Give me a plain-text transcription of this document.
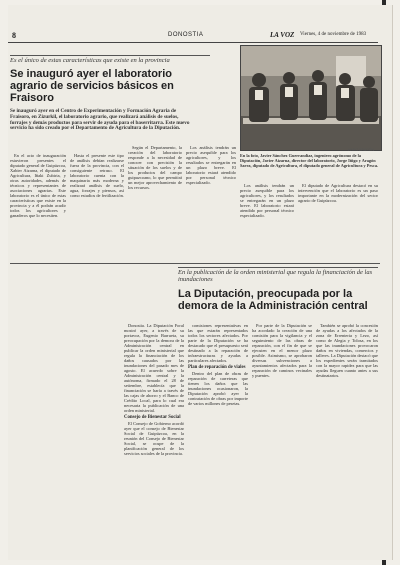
8	DONOSTIA	LA VOZ Viernes, 4 de noviembre de 1983
Es el único de estas características que existe en la provincia
Se inauguró ayer el laboratorio agrario de servicios básicos en Fraisoro

Se inauguró ayer en el Centro de Experimentación y Formación Agraria de Fraisoro, en Zizurkil, el laboratorio agrario, que realizará análisis de suelos, forrajes y demás productos para servir de ayuda para el baserritarra. Este nuevo servicio ha sido creado por el Departamento de Agricultura de la Diputación.

En el acto de inauguración estuvieron presentes el diputado general de Guipúzcoa, Xabier Aizarna, el diputado de Agricultura, Iñaki Zubiria, y otras autoridades, además de técnicos y representantes de asociaciones agrarias. Este laboratorio es el único de estas características que existe en la provincia y a él podrán acudir todos los agricultores y ganaderos que lo necesiten.

Hasta el presente este tipo de análisis debían realizarse fuera de la provincia, con el consiguiente retraso. El laboratorio cuenta con la maquinaria más moderna y realizará análisis de suelo, agua, forrajes y piensos, así como estudios de fertilización.

Según el Departamento, la creación del laboratorio responde a la necesidad de conocer con precisión la situación de los suelos y de los productos del campo guipuzcoano, lo que permitirá un mejor aprovechamiento de los recursos.

Los análisis tendrán un precio asequible para los agricultores, y los resultados se entregarán en un plazo breve. El laboratorio estará atendido por personal técnico especializado.

El diputado de Agricultura destacó en su intervención que el laboratorio es un paso importante en la modernización del sector agrario de Guipúzcoa.

Los análisis tendrán un precio asequible para los agricultores, y los resultados se entregarán en un plazo breve. El laboratorio estará atendido por personal técnico especializado.

HARO ARAGÓN

En la foto, Javier Sánchez Guerrandiaz, ingeniero agrónomo de la Diputación, Javier Aizarna, director del laboratorio, Jorge Iñigo y Aragón Sarra, diputado de Agricultura, el diputado general de Agricultura y Pesca.

En la publicación de la orden ministerial que regula la financiación de las inundaciones
La Diputación, preocupada por la demora de la Administración central

Donostia. La Diputación Foral mostró ayer, a través de su portavoz, Eugenio Barrueta, su preocupación por la demora de la Administración central en publicar la orden ministerial que regula la financiación de los daños causados por las inundaciones del pasado mes de agosto. El acuerdo sobre la Administración central y la autónoma, firmado el 28 de setiembre, establecía que la financiación se haría a través de las cajas de ahorro y el Banco de Crédito Local, para lo cual era necesaria la publicación de una orden ministerial.

Consejo de Bienestar Social

El Consejo de Gobierno acordó ayer que el consejo de Bienestar Social de Guipúzcoa, en la reunión del Consejo de Bienestar Social, se ocupe de la planificación general de los servicios sociales de la provincia.

comisiones representativas en las que estarán representados todos los sectores afectados. Por parte de la Diputación se ha destacado que el presupuesto será destinado a la reparación de infraestructuras y ayudas a particulares afectados.

Plan de reparación de viales

Dentro del plan de obras de reparación de carreteras que tienen los daños que las inundaciones ocasionaron, la Diputación aprobó ayer la contratación de obras por importe de varios millones de pesetas.

Por parte de la Diputación se ha acordado la creación de una comisión para la vigilancia y el seguimiento de las obras de reparación, con el fin de que se ejecuten en el menor plazo posible. Asimismo, se aprobaron diversas subvenciones a ayuntamientos afectados para la reparación de caminos vecinales y puentes.

También se aprobó la concesión de ayudas a los afectados de la zona de Errenteria y Lezo, así como de Alegia y Tolosa, en los que las inundaciones provocaron daños en viviendas, comercios y talleres. La Diputación destacó que los expedientes serán tramitados con la mayor rapidez para que las ayudas lleguen cuanto antes a sus destinatarios.
